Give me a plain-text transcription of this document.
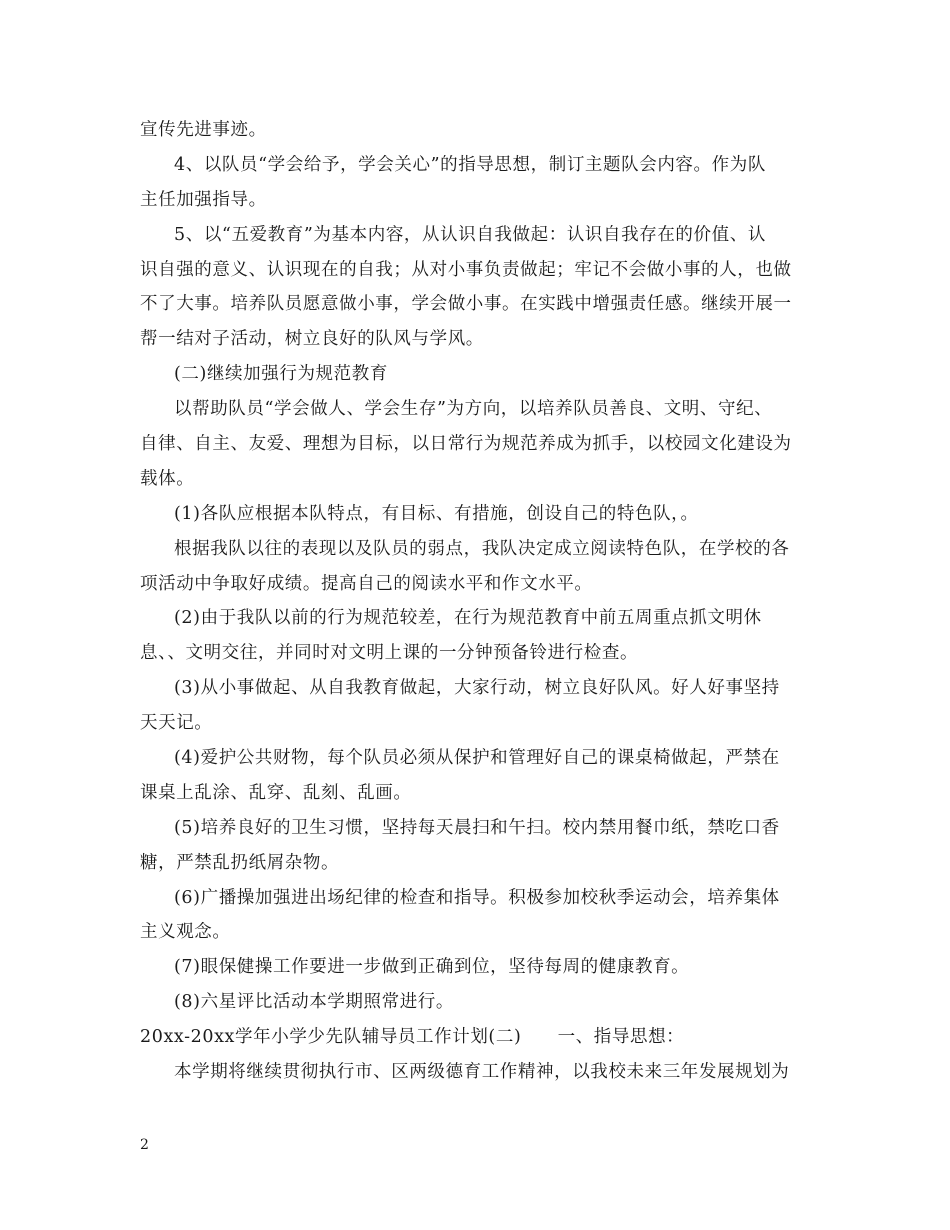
宣传先进事迹。
4、以队员“学会给予，学会关心”的指导思想，制订主题队会内容。作为队
主任加强指导。
5、以“五爱教育”为基本内容，从认识自我做起：认识自我存在的价值、认
识自强的意义、认识现在的自我；从对小事负责做起；牢记不会做小事的人，也做
不了大事。培养队员愿意做小事，学会做小事。在实践中增强责任感。继续开展一
帮一结对子活动，树立良好的队风与学风。
(二)继续加强行为规范教育
以帮助队员“学会做人、学会生存”为方向，以培养队员善良、文明、守纪、
自律、自主、友爱、理想为目标，以日常行为规范养成为抓手，以校园文化建设为
载体。
(1)各队应根据本队特点，有目标、有措施，创设自己的特色队，。
根据我队以往的表现以及队员的弱点，我队决定成立阅读特色队，在学校的各
项活动中争取好成绩。提高自己的阅读水平和作文水平。
(2)由于我队以前的行为规范较差，在行为规范教育中前五周重点抓文明休
息、、文明交往，并同时对文明上课的一分钟预备铃进行检查。
(3)从小事做起、从自我教育做起，大家行动，树立良好队风。好人好事坚持
天天记。
(4)爱护公共财物，每个队员必须从保护和管理好自己的课桌椅做起，严禁在
课桌上乱涂、乱穿、乱刻、乱画。
(5)培养良好的卫生习惯，坚持每天晨扫和午扫。校内禁用餐巾纸，禁吃口香
糖，严禁乱扔纸屑杂物。
(6)广播操加强进出场纪律的检查和指导。积极参加校秋季运动会，培养集体
主义观念。
(7)眼保健操工作要进一步做到正确到位，坚待每周的健康教育。
(8)六星评比活动本学期照常进行。
20xx-20xx学年小学少先队辅导员工作计划(二)　　一、指导思想：
本学期将继续贯彻执行市、区两级德育工作精神，以我校未来三年发展规划为
2
